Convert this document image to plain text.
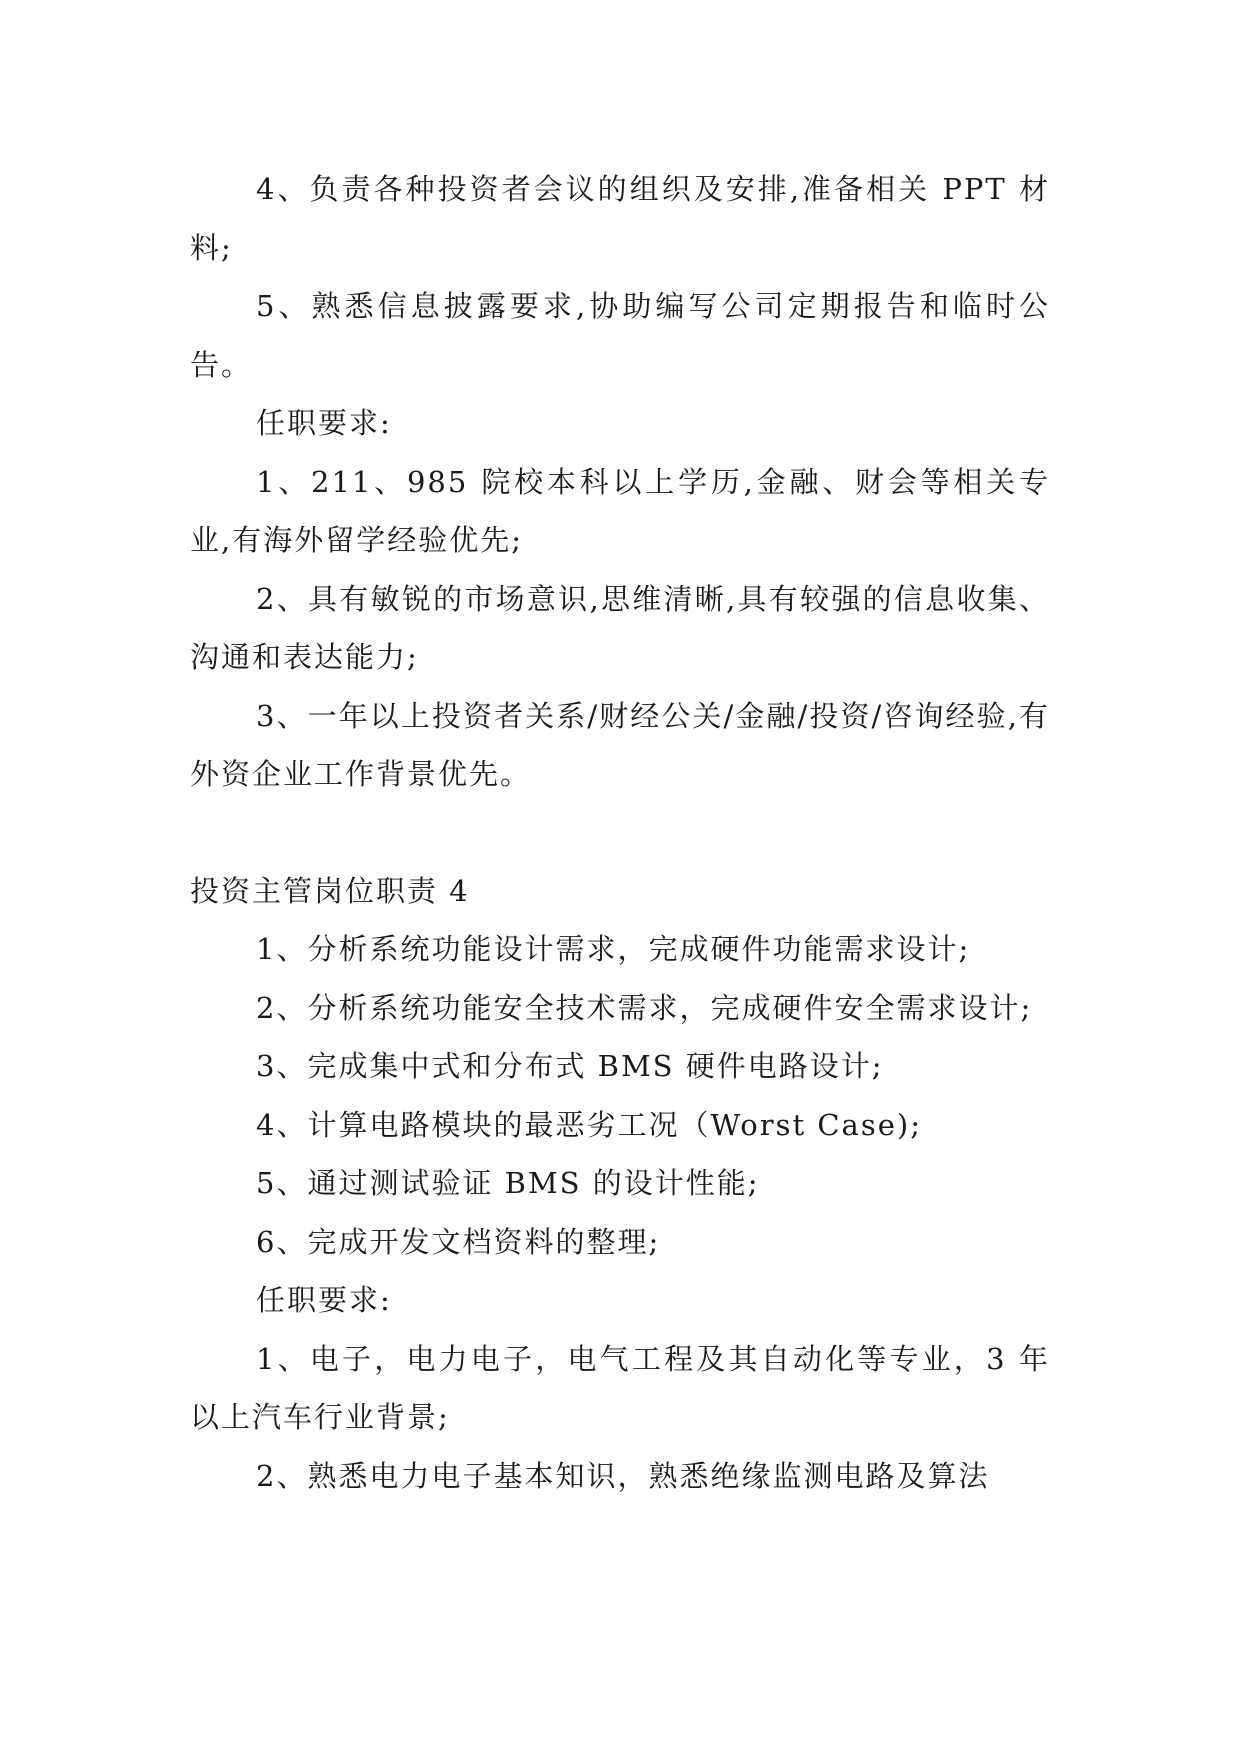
4、负责各种投资者会议的组织及安排,准备相关 PPT 材料;

5、熟悉信息披露要求,协助编写公司定期报告和临时公告。

任职要求:

1、211、985 院校本科以上学历,金融、财会等相关专业,有海外留学经验优先;

2、具有敏锐的市场意识,思维清晰,具有较强的信息收集、沟通和表达能力;

3、一年以上投资者关系/财经公关/金融/投资/咨询经验,有外资企业工作背景优先。

投资主管岗位职责 4

1、分析系统功能设计需求，完成硬件功能需求设计;

2、分析系统功能安全技术需求，完成硬件安全需求设计;

3、完成集中式和分布式 BMS 硬件电路设计;

4、计算电路模块的最恶劣工况（Worst Case);

5、通过测试验证 BMS 的设计性能;

6、完成开发文档资料的整理;

任职要求:

1、电子，电力电子，电气工程及其自动化等专业，3 年以上汽车行业背景;

2、熟悉电力电子基本知识，熟悉绝缘监测电路及算法
